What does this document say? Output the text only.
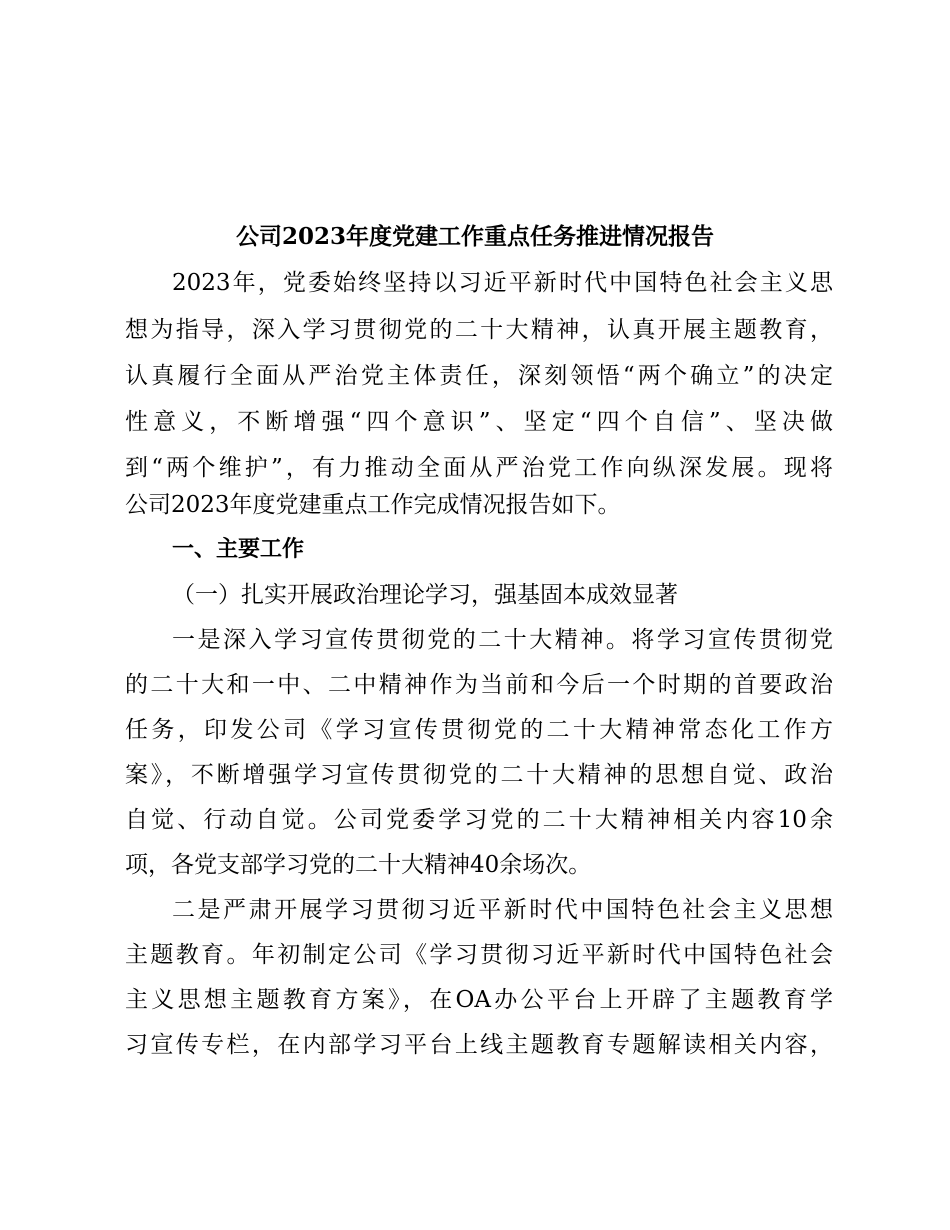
公司2023年度党建工作重点任务推进情况报告
2023年，党委始终坚持以习近平新时代中国特色社会主义思
想为指导，深入学习贯彻党的二十大精神，认真开展主题教育，
认真履行全面从严治党主体责任，深刻领悟“两个确立”的决定
性意义，不断增强“四个意识”、坚定“四个自信”、坚决做
到“两个维护”，有力推动全面从严治党工作向纵深发展。现将
公司2023年度党建重点工作完成情况报告如下。
一、主要工作
（一）扎实开展政治理论学习，强基固本成效显著
一是深入学习宣传贯彻党的二十大精神。将学习宣传贯彻党
的二十大和一中、二中精神作为当前和今后一个时期的首要政治
任务，印发公司《学习宣传贯彻党的二十大精神常态化工作方
案》，不断增强学习宣传贯彻党的二十大精神的思想自觉、政治
自觉、行动自觉。公司党委学习党的二十大精神相关内容10余
项，各党支部学习党的二十大精神40余场次。
二是严肃开展学习贯彻习近平新时代中国特色社会主义思想
主题教育。年初制定公司《学习贯彻习近平新时代中国特色社会
主义思想主题教育方案》，在OA办公平台上开辟了主题教育学
习宣传专栏，在内部学习平台上线主题教育专题解读相关内容，
